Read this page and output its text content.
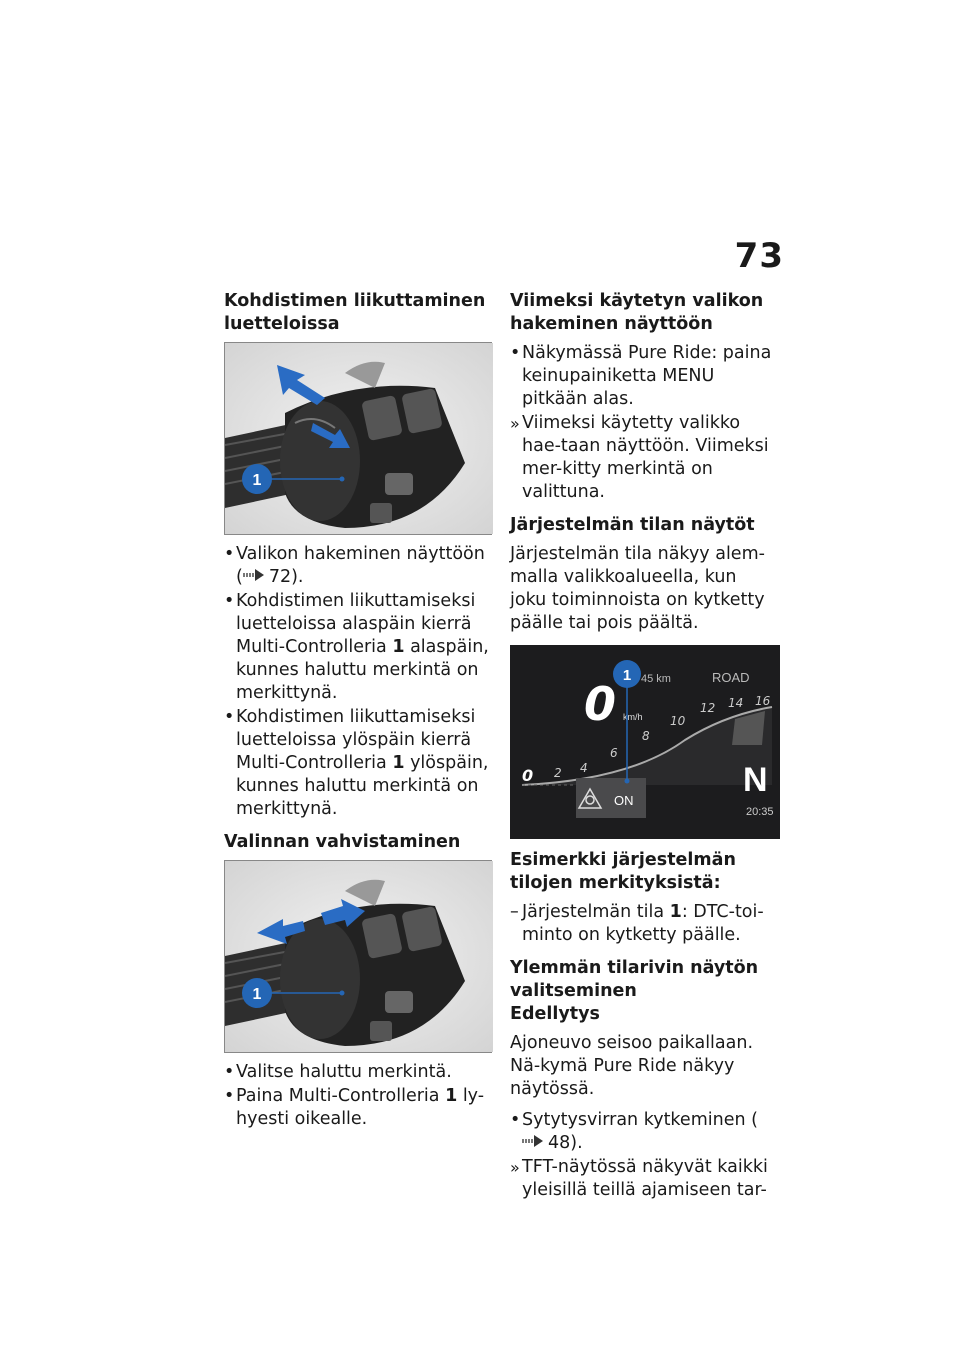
73
Kohdistimen liikuttaminen luetteloissa
1
• Valikon hakeminen näyttöön ( 72).
• Kohdistimen liikuttamiseksi luetteloissa alaspäin kierrä Multi-Controlleria 1 alaspäin, kunnes haluttu merkintä on merkittynä.
• Kohdistimen liikuttamiseksi luetteloissa ylöspäin kierrä Multi-Controlleria 1 ylöspäin, kunnes haluttu merkintä on merkittynä.
Valinnan vahvistaminen
1
• Valitse haluttu merkintä.
• Paina Multi-Controlleria 1 ly-hyesti oikealle.
Viimeksi käytetyn valikon hakeminen näyttöön
• Näkymässä Pure Ride: paina keinupainiketta MENU pitkään alas.
» Viimeksi käytetty valikko hae-taan näyttöön. Viimeksi mer-kitty merkintä on valittuna.
Järjestelmän tilan näytöt
Järjestelmän tila näkyy alem-malla valikkoalueella, kun joku toiminnoista on kytketty päälle tai pois päältä.
45 km	ROAD
0 km/h
0 2 4
6
8
10
12 14 16
ON
N
20:35
1
Esimerkki järjestelmän tilojen merkityksistä:
– Järjestelmän tila 1: DTC-toi-minto on kytketty päälle.
Ylemmän tilarivin näytön valitseminen
Edellytys
Ajoneuvo seisoo paikallaan. Nä-kymä Pure Ride näkyy näytössä.
• Sytytysvirran kytkeminen (48).
» TFT-näytössä näkyvät kaikki yleisillä teillä ajamiseen tar-
